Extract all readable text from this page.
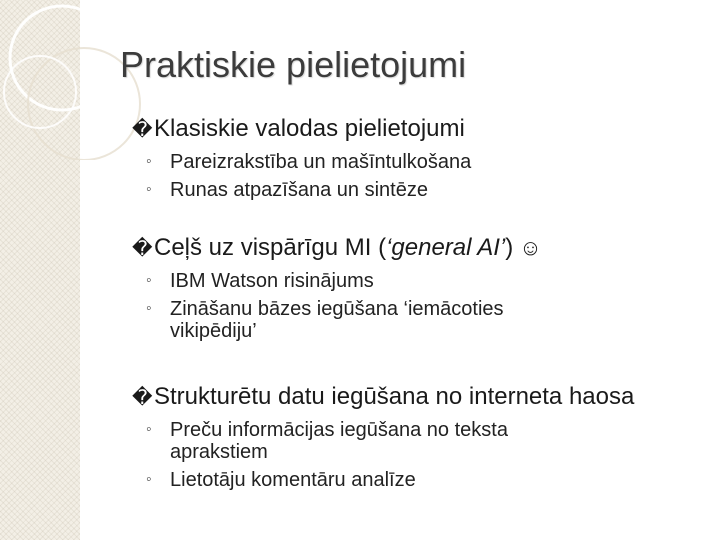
Praktiskie pielietojumi
� Klasiskie valodas pielietojumi
◦ Pareizrakstība un mašīntulkošana
◦ Runas atpazīšana un sintēze
� Ceļš uz vispārīgu MI ( ‘general AI’ ) ☺
◦ IBM Watson risinājums
◦ Zināšanu bāzes iegūšana ‘iemācoties vikipēdiju’
� Strukturētu datu iegūšana no interneta haosa
◦ Preču informācijas iegūšana no teksta aprakstiem
◦ Lietotāju komentāru analīze
